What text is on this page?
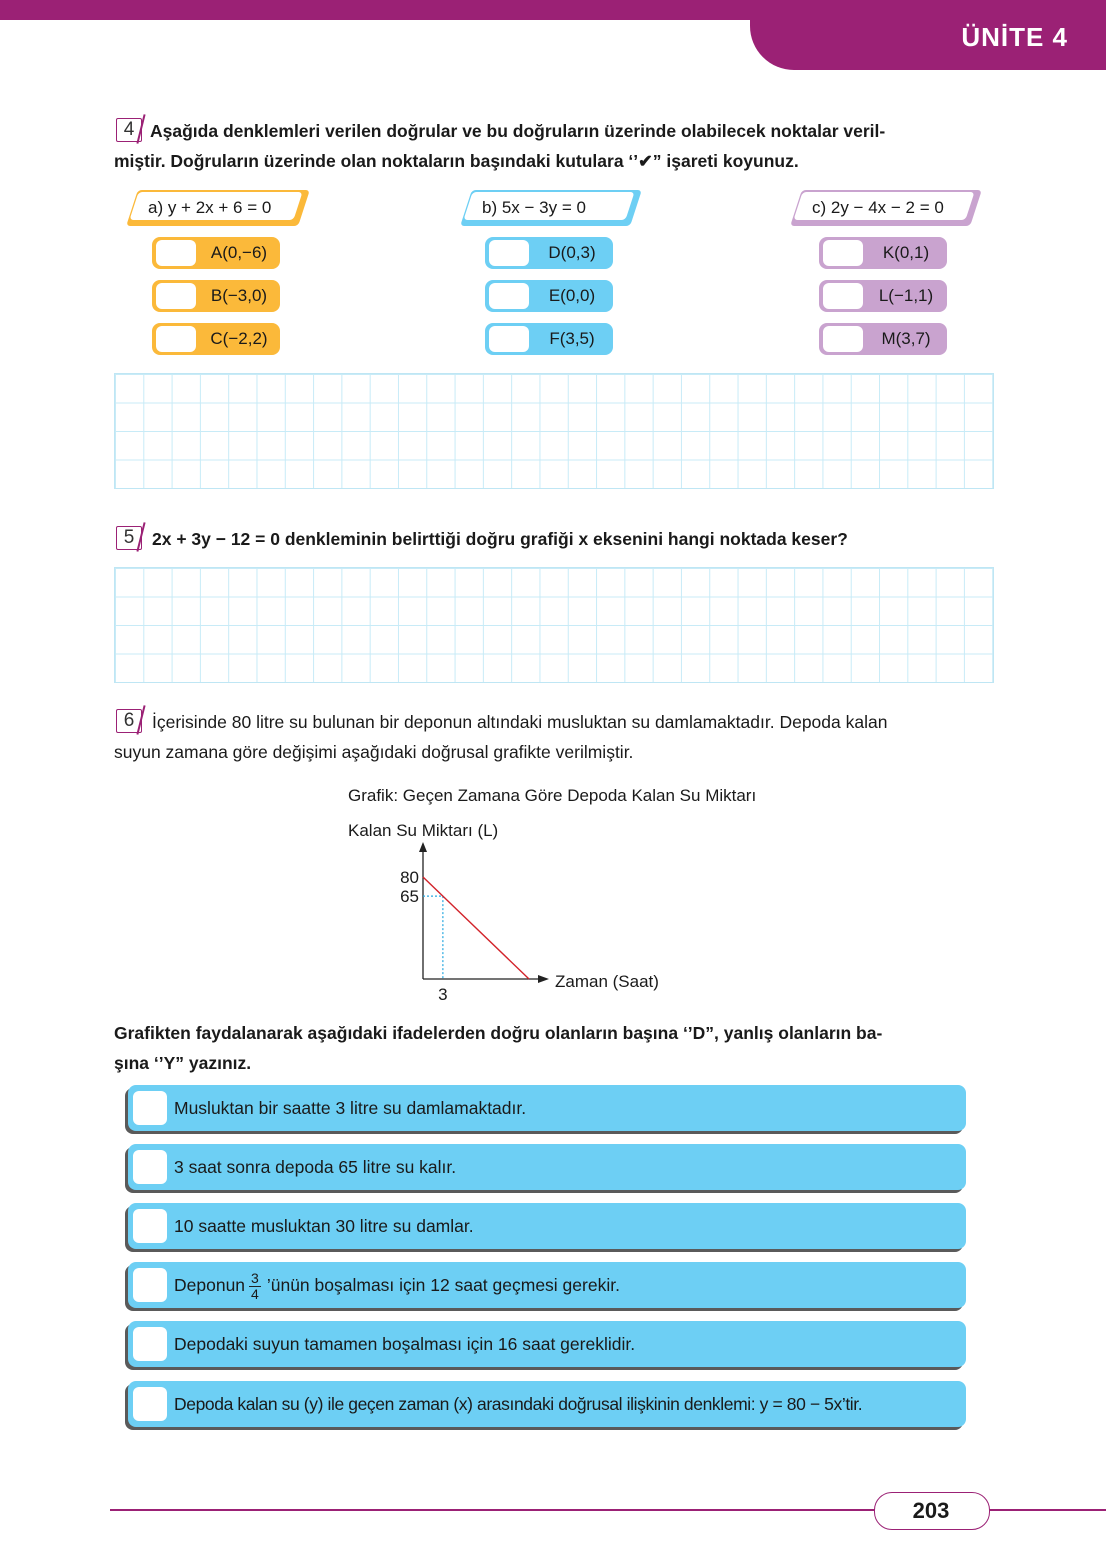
ÜNİTE 4
4 Aşağıda denklemleri verilen doğrular ve bu doğruların üzerinde olabilecek noktalar veril-
miştir. Doğruların üzerinde olan noktaların başındaki kutulara ‘’✔” işareti koyunuz.
a) y + 2x + 6 = 0
A(0,−6)
B(−3,0)
C(−2,2)
b) 5x − 3y = 0
D(0,3)
E(0,0)
F(3,5)
c) 2y − 4x − 2 = 0
K(0,1)
L(−1,1)
M(3,7)
5	2x + 3y − 12 = 0 denkleminin belirttiği doğru grafiği x eksenini hangi noktada keser?
6	İçerisinde 80 litre su bulunan bir deponun altındaki musluktan su damlamaktadır. Depoda kalan
suyun zamana göre değişimi aşağıdaki doğrusal grafikte verilmiştir.
Grafik: Geçen Zamana Göre Depoda Kalan Su Miktarı
Kalan Su Miktarı (L)
80
65
3
Zaman (Saat)
Grafikten faydalanarak aşağıdaki ifadelerden doğru olanların başına ‘’D”, yanlış olanların ba-
şına ‘’Y” yazınız.
Musluktan bir saatte 3 litre su damlamaktadır.
3 saat sonra depoda 65 litre su kalır.
10 saatte musluktan 30 litre su damlar.
Deponun $\frac{3}{4}$ ’ünün boşalması için 12 saat geçmesi gerekir.
Depodaki suyun tamamen boşalması için 16 saat gereklidir.
Depoda kalan su (y) ile geçen zaman (x) arasındaki doğrusal ilişkinin denklemi: y = 80 − 5x’tir.
203
